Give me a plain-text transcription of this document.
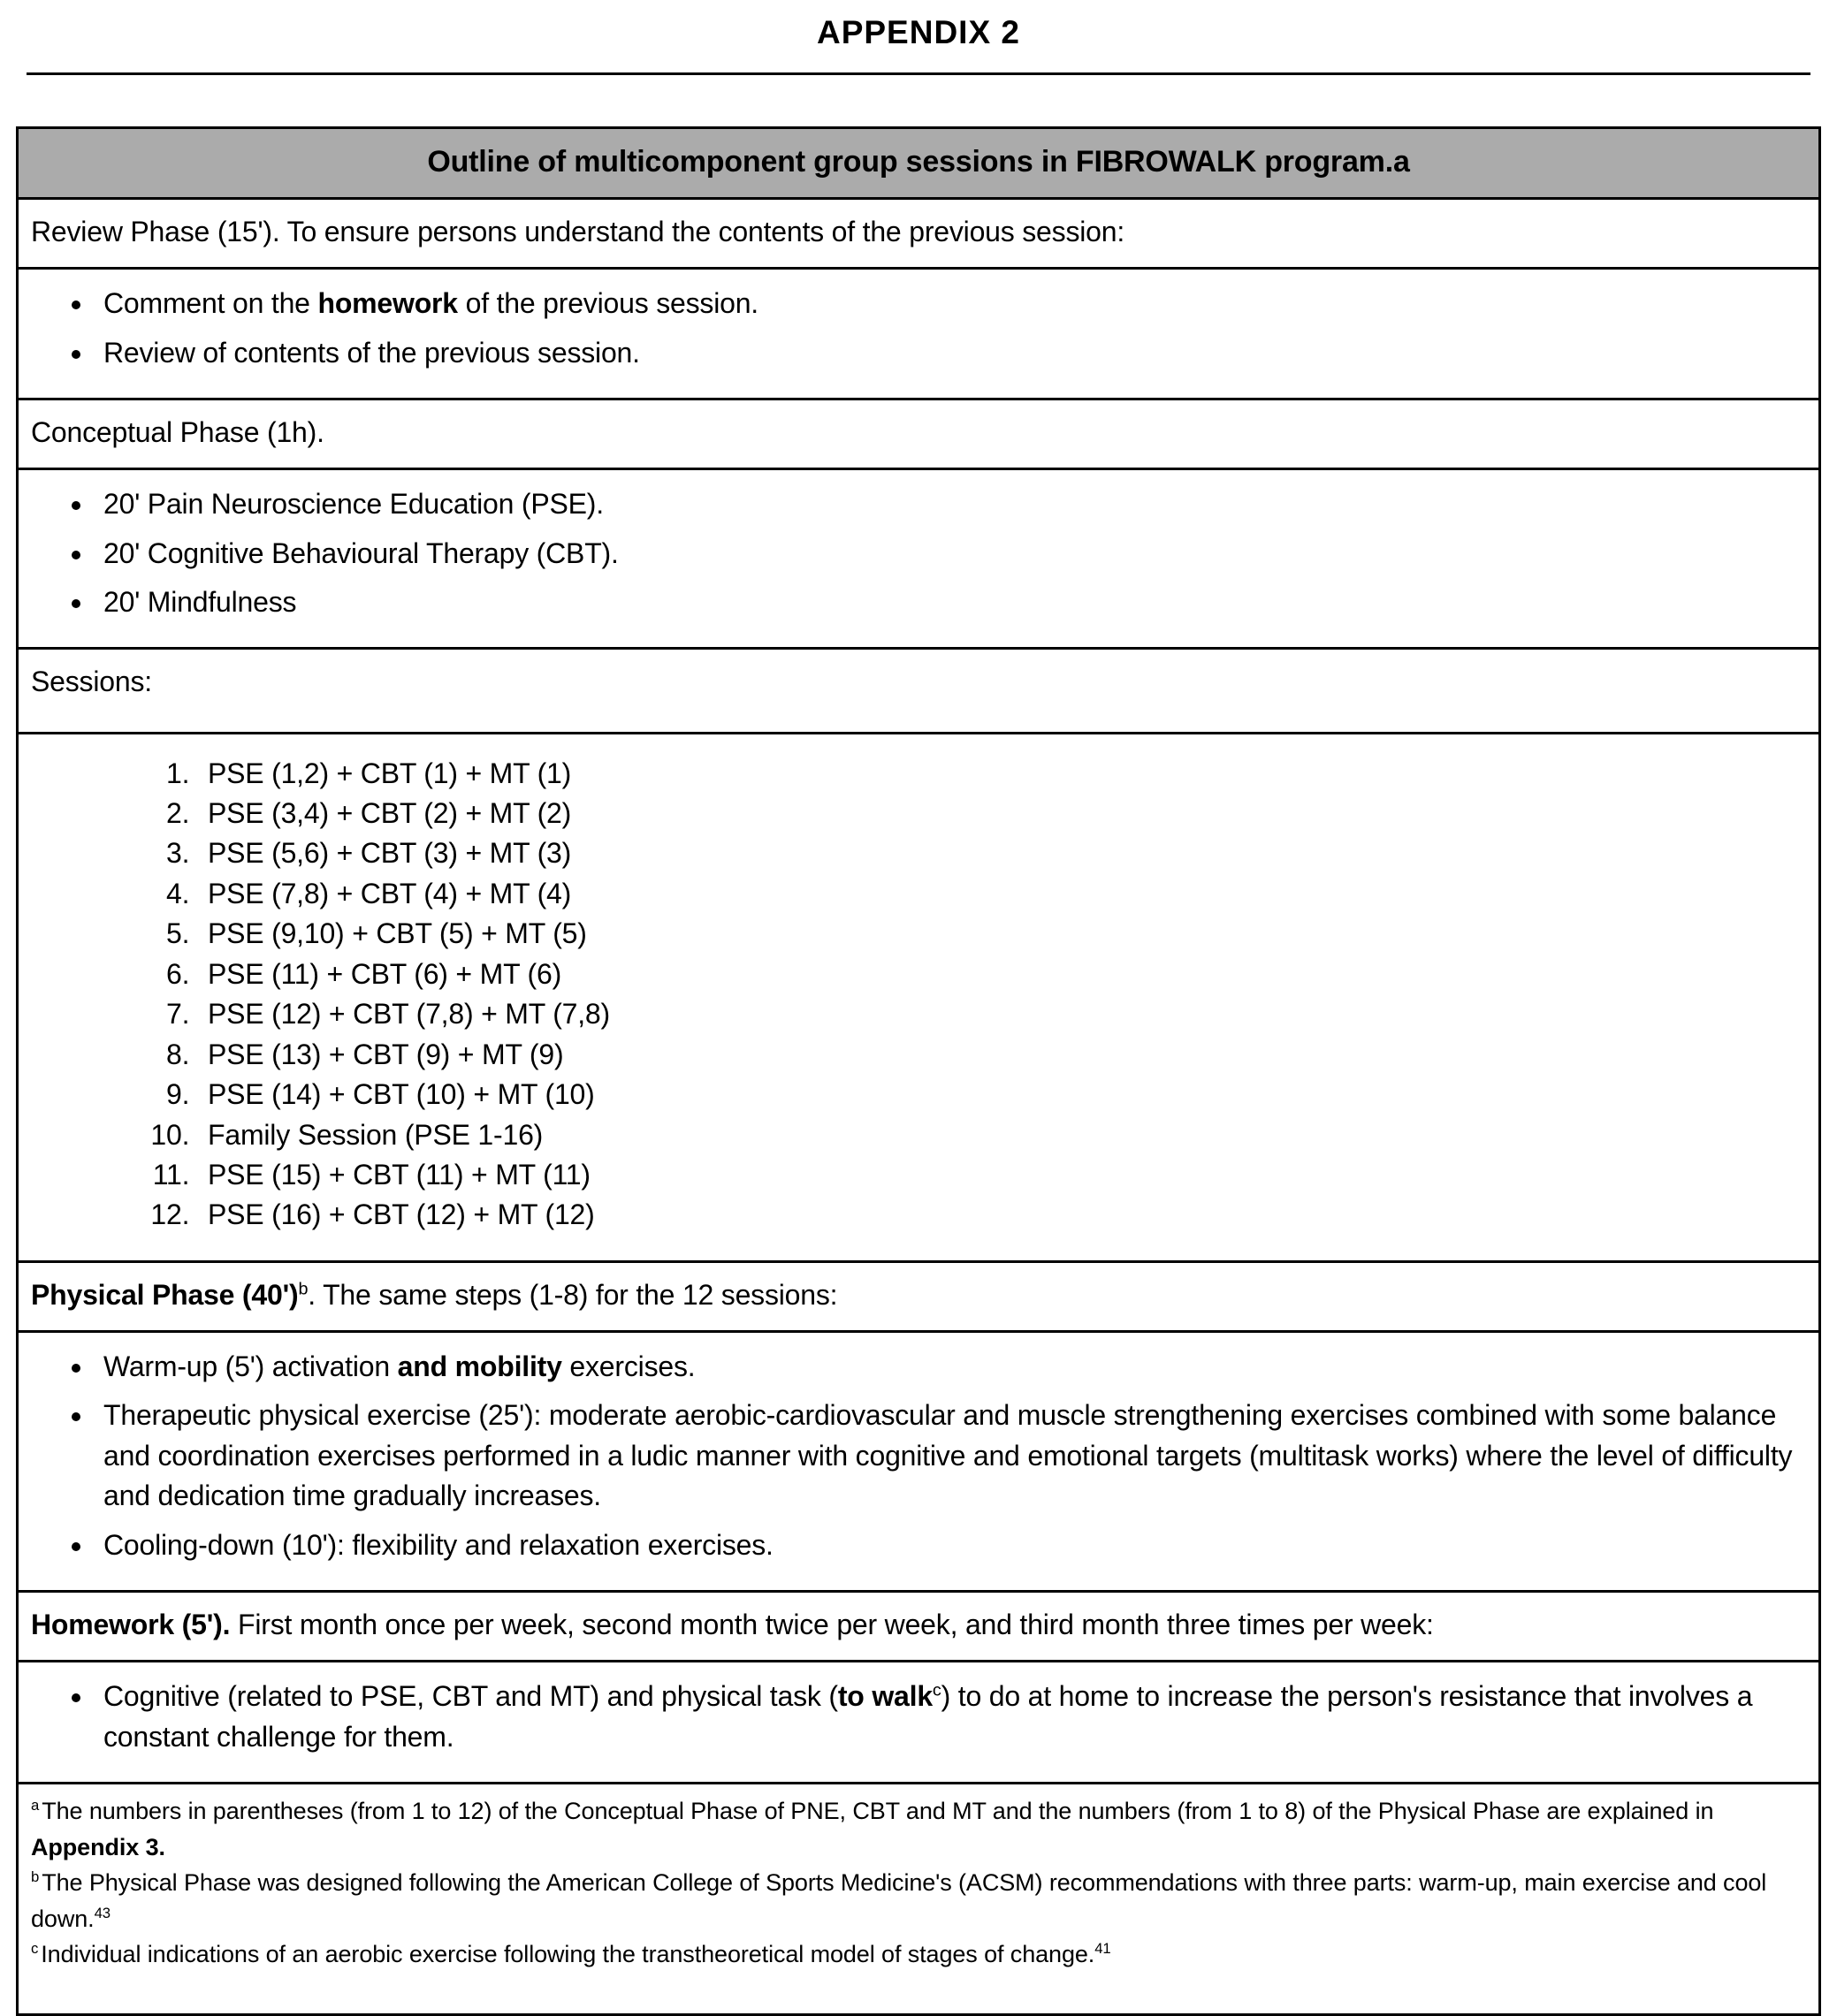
APPENDIX 2
Outline of multicomponent group sessions in FIBROWALK program.a

Review Phase (15'). To ensure persons understand the contents of the previous session:

• Comment on the homework of the previous session.
• Review of contents of the previous session.

Conceptual Phase (1h).

• 20' Pain Neuroscience Education (PSE).
• 20' Cognitive Behavioural Therapy (CBT).
• 20' Mindfulness

Sessions:

1. PSE (1,2) + CBT (1) + MT (1)
2. PSE (3,4) + CBT (2) + MT (2)
3. PSE (5,6) + CBT (3) + MT (3)
4. PSE (7,8) + CBT (4) + MT (4)
5. PSE (9,10) + CBT (5) + MT (5)
6. PSE (11) + CBT (6) + MT (6)
7. PSE (12) + CBT (7,8) + MT (7,8)
8. PSE (13) + CBT (9) + MT (9)
9. PSE (14) + CBT (10) + MT (10)
10. Family Session (PSE 1-16)
11. PSE (15) + CBT (11) + MT (11)
12. PSE (16) + CBT (12) + MT (12)

Physical Phase $(40')^b$. The same steps (1-8) for the 12 sessions:

• Warm-up (5') activation and mobility exercises.
• Therapeutic physical exercise (25'): moderate aerobic-cardiovascular and muscle strengthening exercises combined with some balance and coordination exercises performed in a ludic manner with cognitive and emotional targets (multitask works) where the level of difficulty and dedication time gradually increases.
• Cooling-down (10'): flexibility and relaxation exercises.

Homework (5'). First month once per week, second month twice per week, and third month three times per week:

• Cognitive (related to PSE, CBT and MT) and physical task (to walk$^c$) to do at home to increase the person's resistance that involves a constant challenge for them.

$^a$ The numbers in parentheses (from 1 to 12) of the Conceptual Phase of PNE, CBT and MT and the numbers (from 1 to 8) of the Physical Phase are explained in Appendix 3.

$^b$ The Physical Phase was designed following the American College of Sports Medicine's (ACSM) recommendations with three parts: warm-up, main exercise and cool down.$^{43}$

$^c$ Individual indications of an aerobic exercise following the transtheoretical model of stages of change.$^{41}$
